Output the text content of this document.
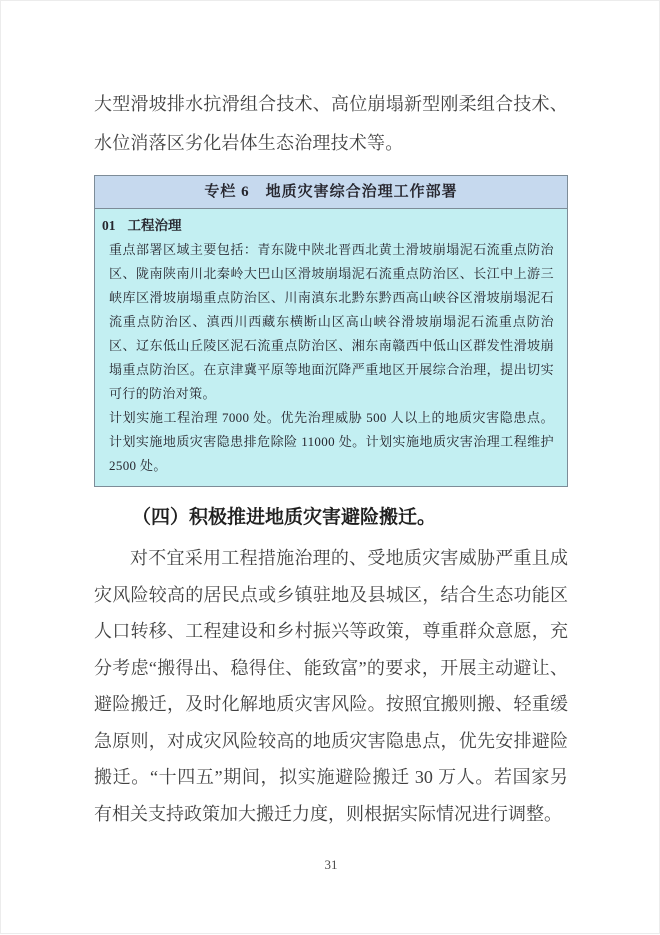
大型滑坡排水抗滑组合技术、高位崩塌新型刚柔组合技术、水位消落区劣化岩体生态治理技术等。

专栏 6　地质灾害综合治理工作部署
01 工程治理

重点部署区域主要包括：青东陇中陕北晋西北黄土滑坡崩塌泥石流重点防治区、陇南陕南川北秦岭大巴山区滑坡崩塌泥石流重点防治区、长江中上游三峡库区滑坡崩塌重点防治区、川南滇东北黔东黔西高山峡谷区滑坡崩塌泥石流重点防治区、滇西川西藏东横断山区高山峡谷滑坡崩塌泥石流重点防治区、辽东低山丘陵区泥石流重点防治区、湘东南赣西中低山区群发性滑坡崩塌重点防治区。在京津冀平原等地面沉降严重地区开展综合治理，提出切实可行的防治对策。

计划实施工程治理 7000 处。优先治理威胁 500 人以上的地质灾害隐患点。计划实施地质灾害隐患排危除险 11000 处。计划实施地质灾害治理工程维护 2500 处。

（四）积极推进地质灾害避险搬迁。

对不宜采用工程措施治理的、受地质灾害威胁严重且成灾风险较高的居民点或乡镇驻地及县城区，结合生态功能区人口转移、工程建设和乡村振兴等政策，尊重群众意愿，充分考虑“搬得出、稳得住、能致富”的要求，开展主动避让、避险搬迁，及时化解地质灾害风险。按照宜搬则搬、轻重缓急原则，对成灾风险较高的地质灾害隐患点，优先安排避险搬迁。“十四五”期间，拟实施避险搬迁 30 万人。若国家另有相关支持政策加大搬迁力度，则根据实际情况进行调整。

31
